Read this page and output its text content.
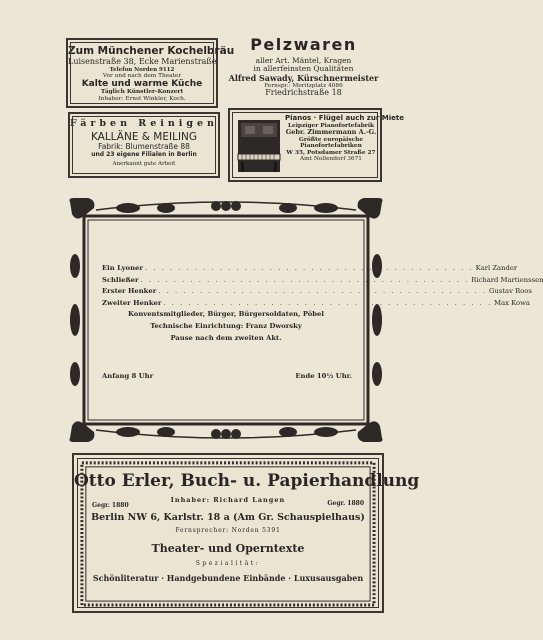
Zum Münchener Kochelbräu
Luisenstraße 38, Ecke Marienstraße
Telefon Norden 9112
Vor und nach dem Theater
Kalte und warme Küche
Täglich Künstler-Konzert
Inhaber: Ernst Winkler, Koch.
Pelzwaren
aller Art. Mäntel, Kragen
in allerfeinsten Qualitäten
Alfred Sawady, Kürschnermeister
Fernspr.: Moritzplatz 4086
Friedrichstraße 18
Färben Reinigen
KALLÄNE & MEILING
Fabrik: Blumenstraße 88
und 23 eigene Filialen in Berlin
Anerkannt gute Arbeit
Pianos · Flügel auch zur Miete
Leipziger Pianofortefabrik
Gebr. Zimmermann A.-G.
Größte europäische
Pianofortefabriken
W 35, Potsdamer Straße 27
Amt Nollendorf 3671
Ein Lyoner . . . . . . . . . . . . . . . . . . . . . . . . . . . . . . . . . . . . . . . . Karl Zander
Schließer . . . . . . . . . . . . . . . . . . . . . . . . . . . . . . . . . . . . . . . . Richard Martienssen
Erster Henker . . . . . . . . . . . . . . . . . . . . . . . . . . . . . . . . . . . . . . . . Gustav Roos
Zweiter Henker . . . . . . . . . . . . . . . . . . . . . . . . . . . . . . . . . . . . . . . . Max Kowa
Konventsmitglieder, Bürger, Bürgersoldaten, Pöbel
Technische Einrichtung: Franz Dworsky
Pause nach dem zweiten Akt.
Anfang 8 Uhr	Ende 10½ Uhr.
Otto Erler, Buch- u. Papierhandlung
Gegr. 1880
Inhaber: Richard Langen	Gegr. 1880
Berlin NW 6, Karlstr. 18 a (Am Gr. Schauspielhaus)
Fernsprecher: Norden 5391
Theater- und Operntexte
Spezialität:
Schönliteratur · Handgebundene Einbände · Luxusausgaben
